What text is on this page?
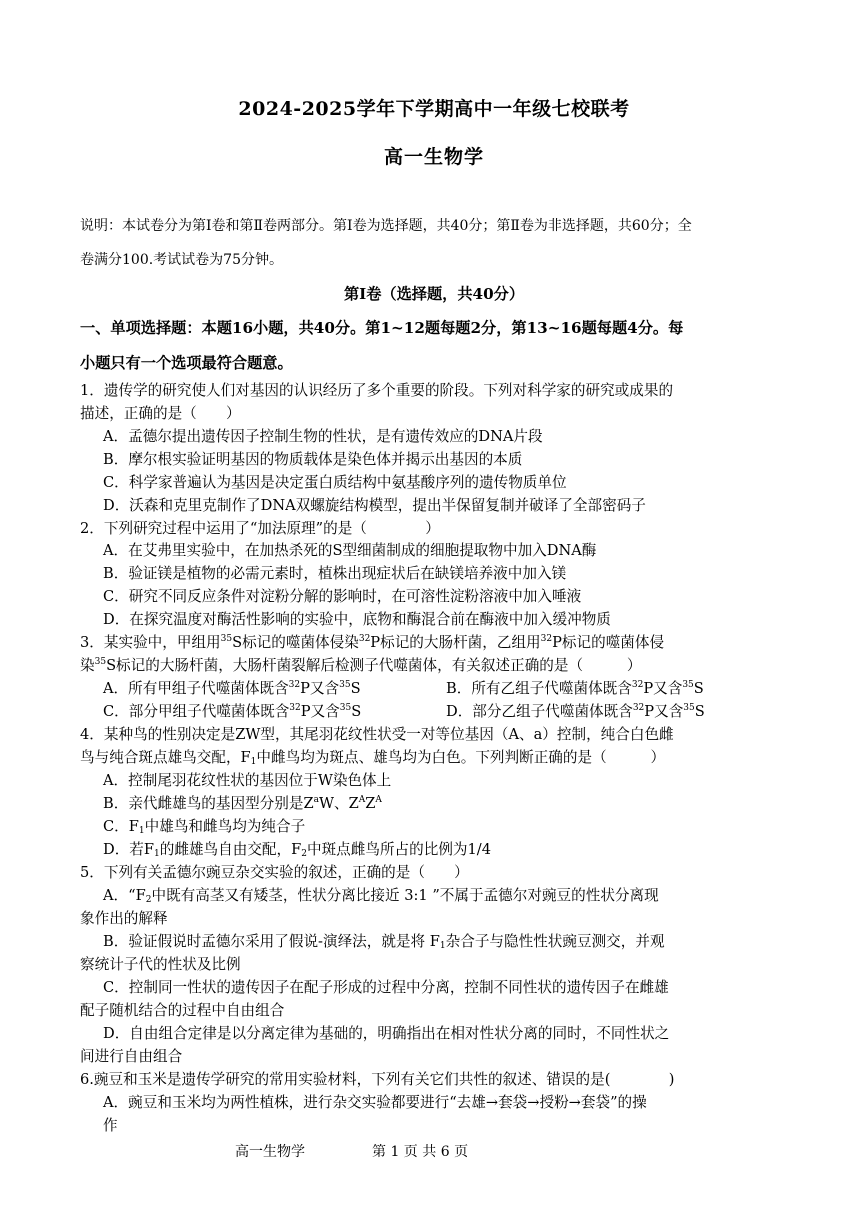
2024-2025学年下学期高中一年级七校联考
高一生物学
说明：本试卷分为第Ⅰ卷和第Ⅱ卷两部分。第Ⅰ卷为选择题，共40分；第Ⅱ卷为非选择题，共60分；全
卷满分100.考试试卷为75分钟。
第Ⅰ卷（选择题，共40分）
一、单项选择题：本题16小题，共40分。第1~12题每题2分，第13~16题每题4分。每
小题只有一个选项最符合题意。
1．遗传学的研究使人们对基因的认识经历了多个重要的阶段。下列对科学家的研究或成果的
描述，正确的是（　　）
A．孟德尔提出遗传因子控制生物的性状，是有遗传效应的DNA片段
B．摩尔根实验证明基因的物质载体是染色体并揭示出基因的本质
C．科学家普遍认为基因是决定蛋白质结构中氨基酸序列的遗传物质单位
D．沃森和克里克制作了DNA双螺旋结构模型，提出半保留复制并破译了全部密码子
2．下列研究过程中运用了“加法原理”的是（　　　　）
A．在艾弗里实验中，在加热杀死的S型细菌制成的细胞提取物中加入DNA酶
B．验证镁是植物的必需元素时，植株出现症状后在缺镁培养液中加入镁
C．研究不同反应条件对淀粉分解的影响时，在可溶性淀粉溶液中加入唾液
D．在探究温度对酶活性影响的实验中，底物和酶混合前在酶液中加入缓冲物质
3．某实验中，甲组用$^{35}$S标记的噬菌体侵染$^{32}$P标记的大肠杆菌，乙组用$^{32}$P标记的噬菌体侵
染$^{35}$S标记的大肠杆菌，大肠杆菌裂解后检测子代噬菌体，有关叙述正确的是（　　　）
A．所有甲组子代噬菌体既含$^{32}$P又含$^{35}$S	B．所有乙组子代噬菌体既含$^{32}$P又含$^{35}$S
C．部分甲组子代噬菌体既含$^{32}$P又含$^{35}$S	D．部分乙组子代噬菌体既含$^{32}$P又含$^{35}$S
4．某种鸟的性别决定是ZW型，其尾羽花纹性状受一对等位基因（A、a）控制，纯合白色雌
鸟与纯合斑点雄鸟交配，$F_1$中雌鸟均为斑点、雄鸟均为白色。下列判断正确的是（　　　）
A．控制尾羽花纹性状的基因位于W染色体上
B．亲代雌雄鸟的基因型分别是$Z^aW$、$Z^AZ^A$
C．$F_1$中雄鸟和雌鸟均为纯合子
D．若$F_1$的雌雄鸟自由交配，$F_2$中斑点雌鸟所占的比例为1/4
5．下列有关孟德尔豌豆杂交实验的叙述，正确的是（　　）
A．“$F_2$中既有高茎又有矮茎，性状分离比接近 3:1 ”不属于孟德尔对豌豆的性状分离现
象作出的解释
B．验证假说时孟德尔采用了假说-演绎法，就是将 $F_1$杂合子与隐性性状豌豆测交，并观
察统计子代的性状及比例
C．控制同一性状的遗传因子在配子形成的过程中分离，控制不同性状的遗传因子在雌雄
配子随机结合的过程中自由组合
D．自由组合定律是以分离定律为基础的，明确指出在相对性状分离的同时，不同性状之
间进行自由组合
6.豌豆和玉米是遗传学研究的常用实验材料，下列有关它们共性的叙述、错误的是(　　　　)
A．豌豆和玉米均为两性植株，进行杂交实验都要进行“去雄→套袋→授粉→套袋”的操
作
高一生物学	第 1 页 共 6 页
